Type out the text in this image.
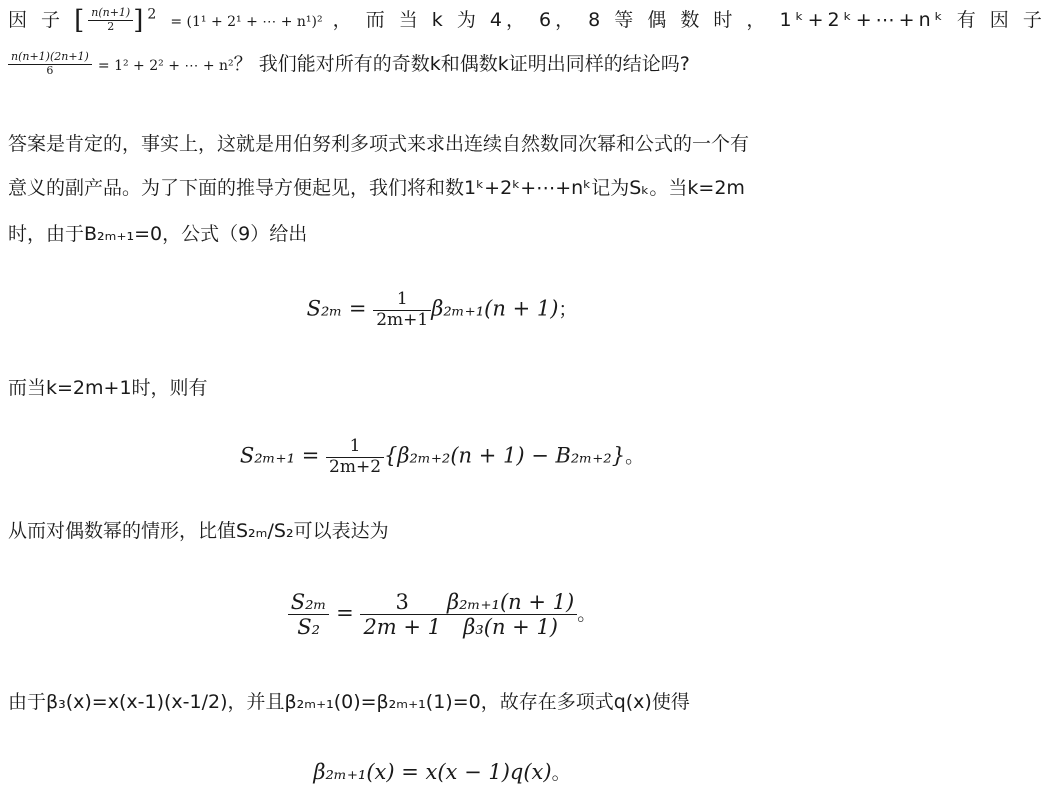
因 子 [ $\frac{n(n+1)}{2} ]^2 = (1^1 + 2^1$ + ⋯ + n¹)² ， 而 当 k 为 4， 6， 8 等 偶 数 时 ， 1ᵏ+2ᵏ+⋯+nᵏ 有 因 子
$\frac{n(n+1)(2n+1)}{6} = 1^2 + 2^2$ + ⋯ + n²？ 我们能对所有的奇数k和偶数k证明出同样的结论吗?
答案是肯定的，事实上，这就是用伯努利多项式来求出连续自然数同次幂和公式的一个有
意义的副产品。为了下面的推导方便起见，我们将和数1ᵏ+2ᵏ+⋯+nᵏ记为Sₖ。当k=2m
时，由于B₂ₘ₊₁=0，公式（9）给出
$S_{2m} = \frac{1}{2m+1} \beta_{2m+1}(n + 1)$；
而当k=2m+1时，则有
$S_{2m+1} = \frac{1}{2m+2} \{\beta_{2m+2}(n + 1) - B_{2m+2}\}$。
从而对偶数幂的情形，比值S₂ₘ/S₂可以表达为
$\frac{\text{S₂ₘ}}{\text{S₂}} = \frac{3}{2m + 1} \frac{\text{β₂ₘ₊₁(n + 1)}}{\text{β₃(n + 1)}}$ 。
由于β₃(x)=x(x-1)(x-1/2)，并且β₂ₘ₊₁(0)=β₂ₘ₊₁(1)=0，故存在多项式q(x)使得
β₂ₘ₊₁(x) = x(x − 1)q(x)。
